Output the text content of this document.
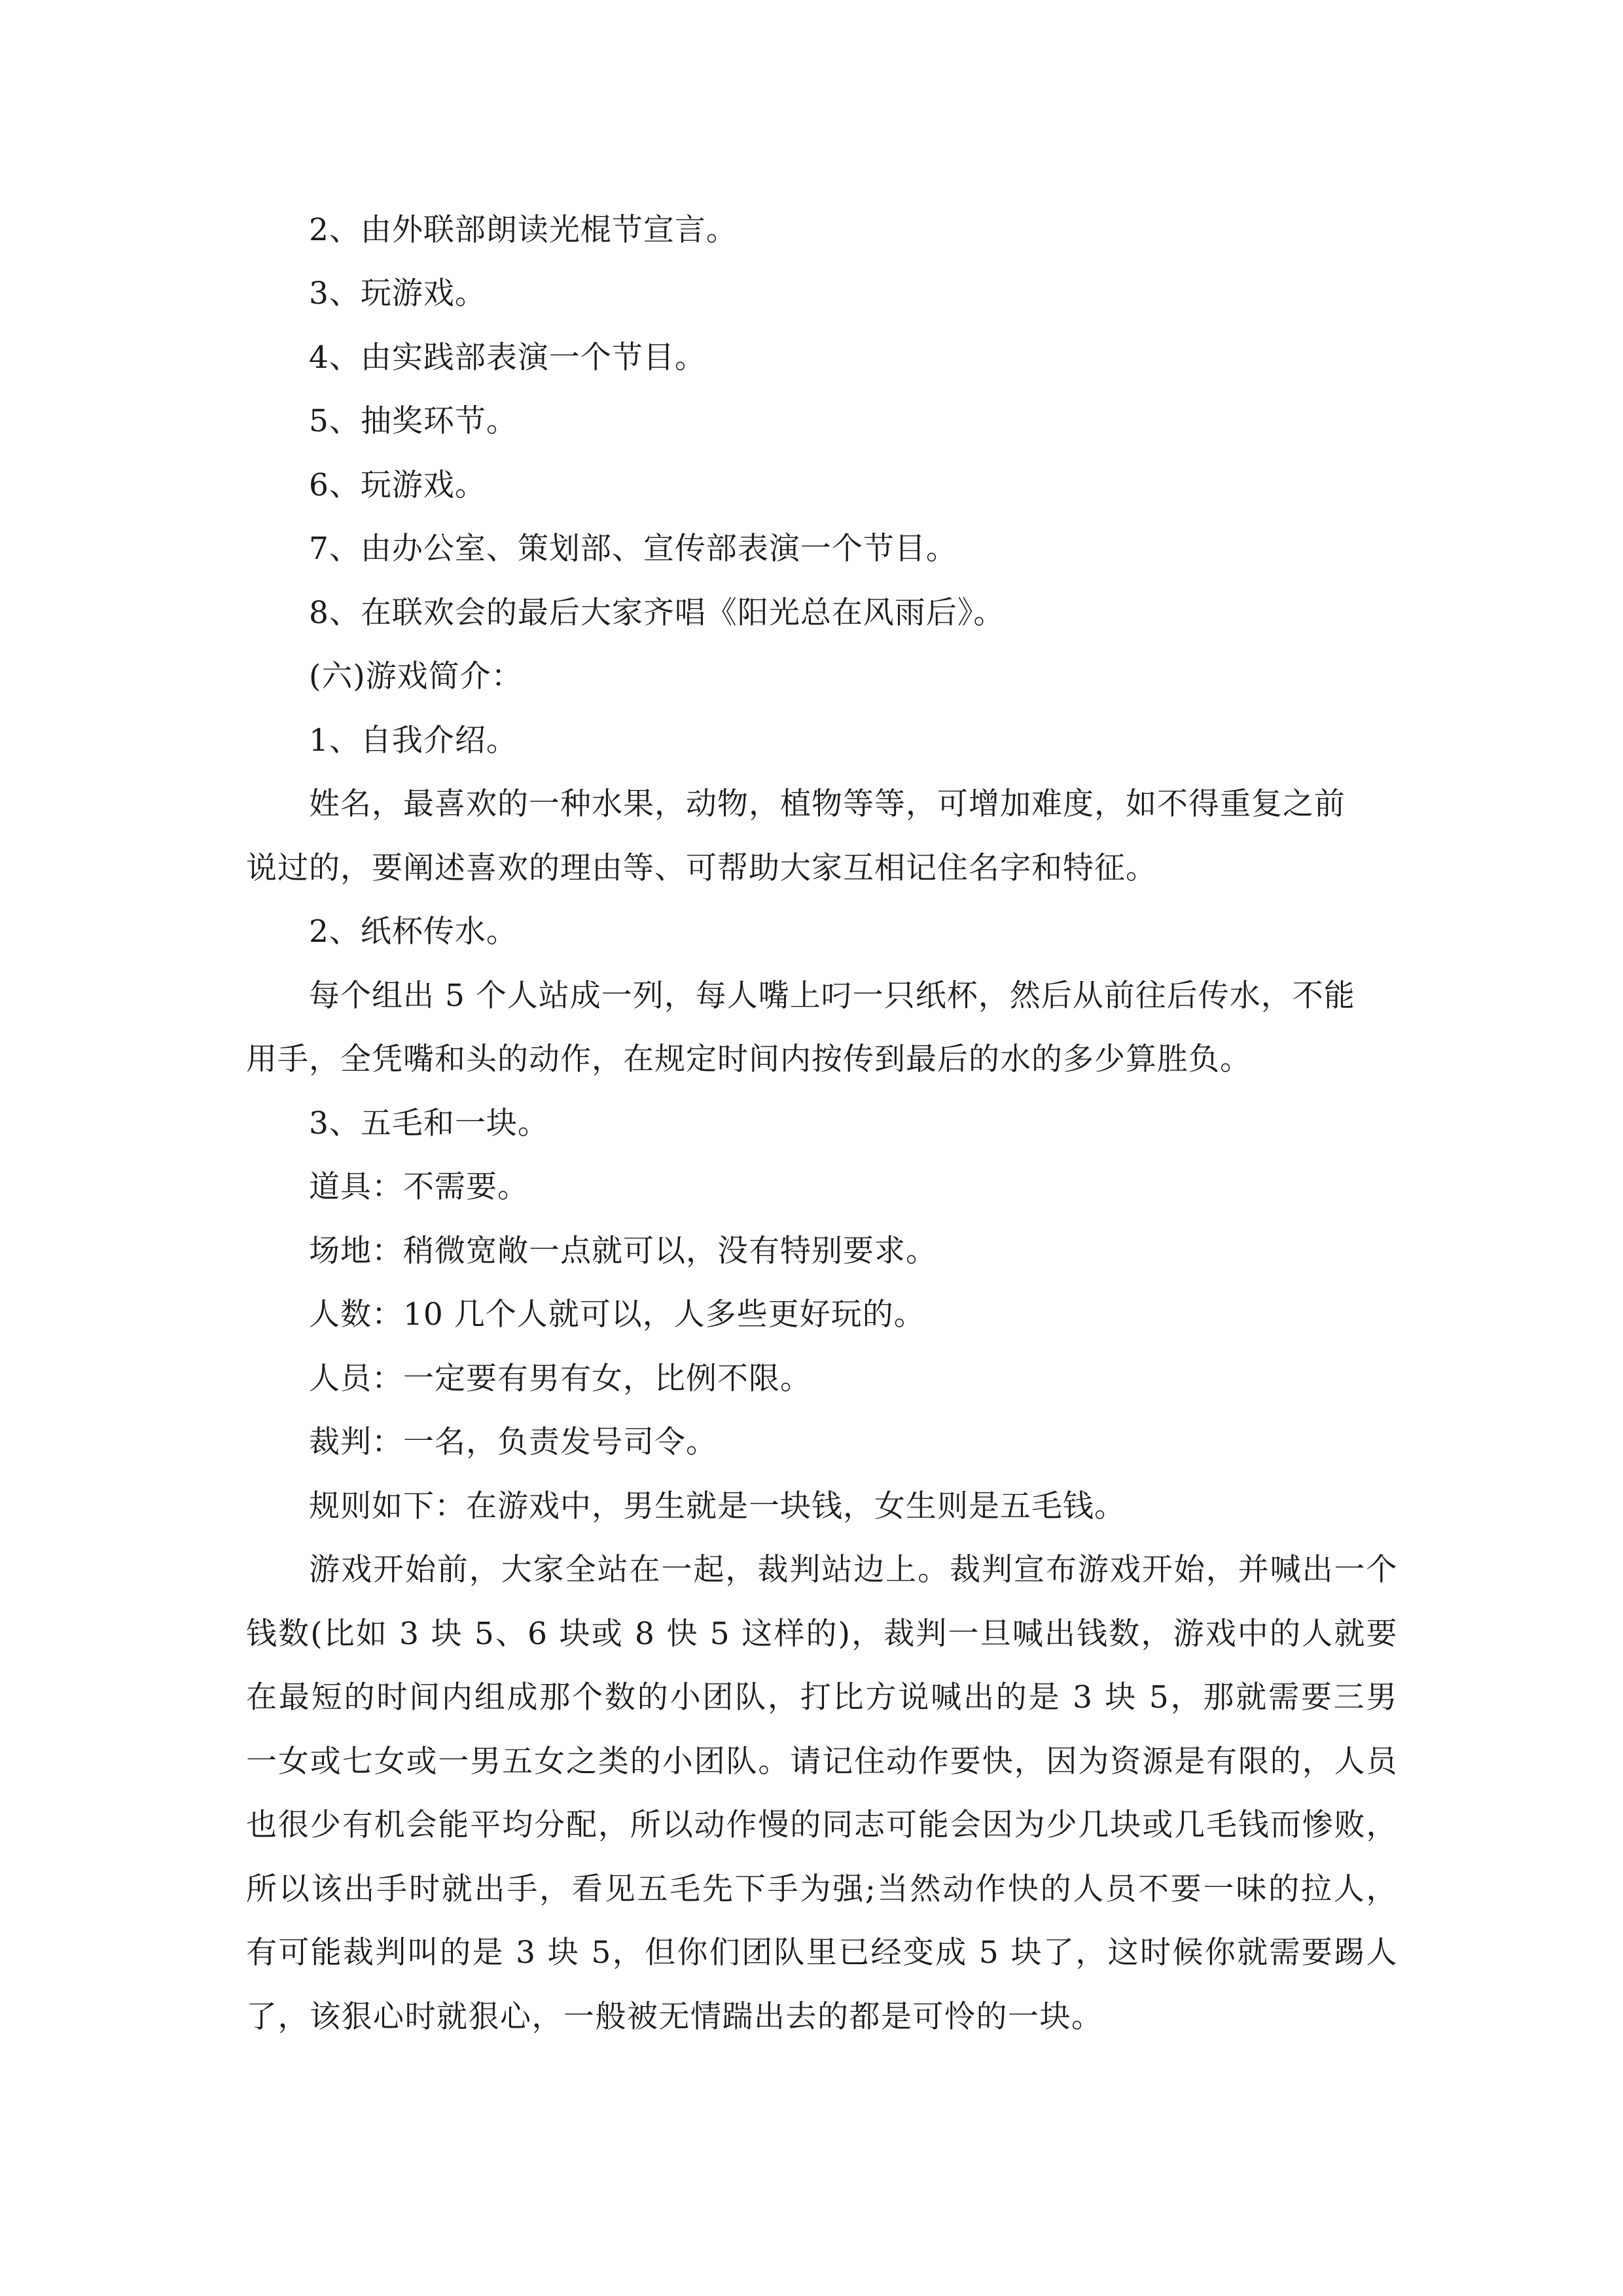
2、由外联部朗读光棍节宣言。
3、玩游戏。
4、由实践部表演一个节目。
5、抽奖环节。
6、玩游戏。
7、由办公室、策划部、宣传部表演一个节目。
8、在联欢会的最后大家齐唱《阳光总在风雨后》。
(六)游戏简介：
1、自我介绍。
姓名，最喜欢的一种水果，动物，植物等等，可增加难度，如不得重复之前
说过的，要阐述喜欢的理由等、可帮助大家互相记住名字和特征。
2、纸杯传水。
每个组出 5 个人站成一列，每人嘴上叼一只纸杯，然后从前往后传水，不能
用手，全凭嘴和头的动作，在规定时间内按传到最后的水的多少算胜负。
3、五毛和一块。
道具：不需要。
场地：稍微宽敞一点就可以，没有特别要求。
人数：10 几个人就可以，人多些更好玩的。
人员：一定要有男有女，比例不限。
裁判：一名，负责发号司令。
规则如下：在游戏中，男生就是一块钱，女生则是五毛钱。
游戏开始前，大家全站在一起，裁判站边上。裁判宣布游戏开始，并喊出一个钱数(比如 3 块 5、6 块或 8 快 5 这样的)，裁判一旦喊出钱数，游戏中的人就要在最短的时间内组成那个数的小团队，打比方说喊出的是 3 块 5，那就需要三男一女或七女或一男五女之类的小团队。请记住动作要快，因为资源是有限的，人员也很少有机会能平均分配，所以动作慢的同志可能会因为少几块或几毛钱而惨败，所以该出手时就出手，看见五毛先下手为强;当然动作快的人员不要一味的拉人，有可能裁判叫的是 3 块 5，但你们团队里已经变成 5 块了，这时候你就需要踢人了，该狠心时就狠心，一般被无情踹出去的都是可怜的一块。
